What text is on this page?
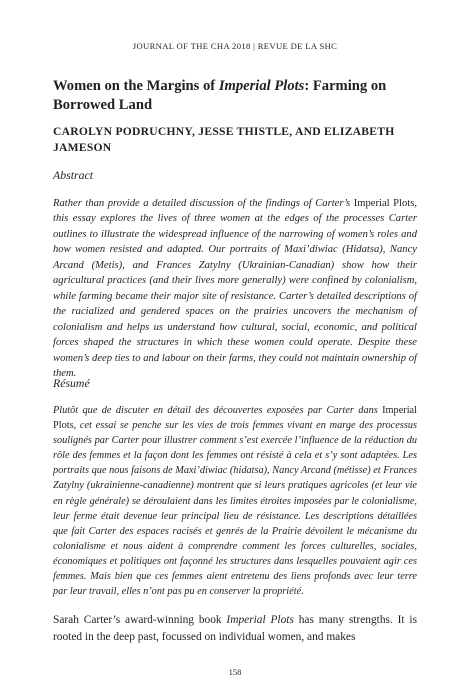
JOURNAL OF THE CHA 2018 | REVUE DE LA SHC
Women on the Margins of Imperial Plots: Farming on Borrowed Land
CAROLYN PODRUCHNY, JESSE THISTLE, AND ELIZABETH JAMESON
Abstract
Rather than provide a detailed discussion of the findings of Carter’s Imperial Plots, this essay explores the lives of three women at the edges of the processes Carter outlines to illustrate the widespread influence of the narrowing of women’s roles and how women resisted and adapted. Our portraits of Maxi’diwiac (Hidatsa), Nancy Arcand (Metis), and Frances Zatylny (Ukrainian-Canadian) show how their agricultural practices (and their lives more generally) were confined by colonialism, while farming became their major site of resistance. Carter’s detailed descriptions of the racialized and gendered spaces on the prairies uncovers the mechanism of colonialism and helps us understand how cultural, social, economic, and political forces shaped the structures in which these women could operate. Despite these women’s deep ties to and labour on their farms, they could not maintain ownership of them.
Résumé
Plutôt que de discuter en détail des découvertes exposées par Carter dans Imperial Plots, cet essai se penche sur les vies de trois femmes vivant en marge des processus soulignés par Carter pour illustrer comment s’est exercée l’influence de la réduction du rôle des femmes et la façon dont les femmes ont résisté à cela et s’y sont adaptées. Les portraits que nous faisons de Maxi’diwiac (hidatsa), Nancy Arcand (métisse) et Frances Zatylny (ukrainienne-canadienne) montrent que si leurs pratiques agricoles (et leur vie en règle générale) se déroulaient dans les limites étroites imposées par le colonialisme, leur ferme était devenue leur principal lieu de résistance. Les descriptions détaillées que fait Carter des espaces racisés et genrés de la Prairie dévoilent le mécanisme du colonialisme et nous aident à comprendre comment les forces culturelles, sociales, économiques et politiques ont façonné les structures dans lesquelles pouvaient agir ces femmes. Mais bien que ces femmes aient entretenu des liens profonds avec leur terre par leur travail, elles n’ont pas pu en conserver la propriété.
Sarah Carter’s award-winning book Imperial Plots has many strengths. It is rooted in the deep past, focussed on individual women, and makes
158
